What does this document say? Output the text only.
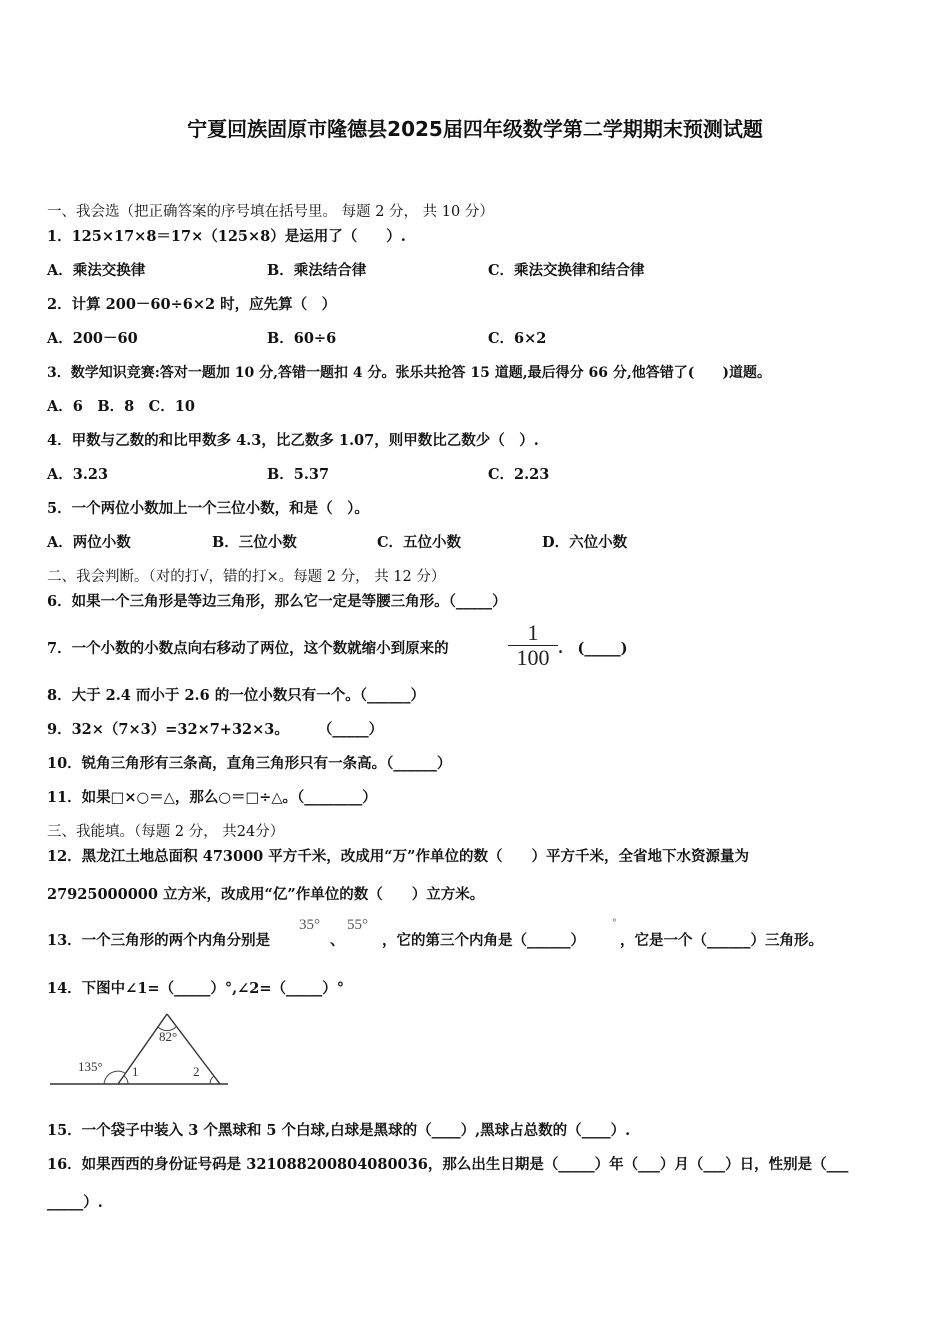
宁夏回族固原市隆德县2025届四年级数学第二学期期末预测试题
一、我会选（把正确答案的序号填在括号里。 每题 2 分， 共 10 分）
1．125×17×8＝17×（125×8）是运用了（　　）.
A．乘法交换律	B．乘法结合律	C．乘法交换律和结合律
2．计算 200－60÷6×2 时，应先算（　）
A．200－60	B．60÷6	C．6×2
3．数学知识竞赛:答对一题加 10 分,答错一题扣 4 分。张乐共抢答 15 道题,最后得分 66 分,他答错了(　　)道题。
A．6　B．8　C．10
4．甲数与乙数的和比甲数多 4.3，比乙数多 1.07，则甲数比乙数少（　）.
A．3.23	B．5.37	C．2.23
5．一个两位小数加上一个三位小数，和是（　）。
A．两位小数	B．三位小数	C．五位小数	D．六位小数
二、我会判断。（对的打√，错的打×。每题 2 分， 共 12 分）
6．如果一个三角形是等边三角形，那么它一定是等腰三角形。（_____）
7．一个小数的小数点向右移动了两位，这个数就缩小到原来的	$\frac{1}{100}$ .　(_____)
8．大于 2.4 而小于 2.6 的一位小数只有一个。（______）
9．32×（7×3）=32×7+32×3。　　　（_____）
10．锐角三角形有三条高，直角三角形只有一条高。（______）
11．如果□×○＝△，那么○＝□÷△。（________）
三、我能填。（每题 2 分， 共24分）
12．黑龙江土地总面积 473000 平方千米，改成用“万”作单位的数（　　）平方千米，全省地下水资源量为
27925000000 立方米，改成用“亿”作单位的数（　　）立方米。
13．一个三角形的两个内角分别是
35°
、
55°
，它的第三个内角是（______）
°
，它是一个（______）三角形。
14．下图中∠1=（_____）°,∠2=（_____）°
82°
135° 1	2
15．一个袋子中装入 3 个黑球和 5 个白球,白球是黑球的（____）,黑球占总数的（____）.
16．如果西西的身份证号码是 321088200804080036，那么出生日期是（_____）年（___）月（___）日，性别是（___
_____）.
